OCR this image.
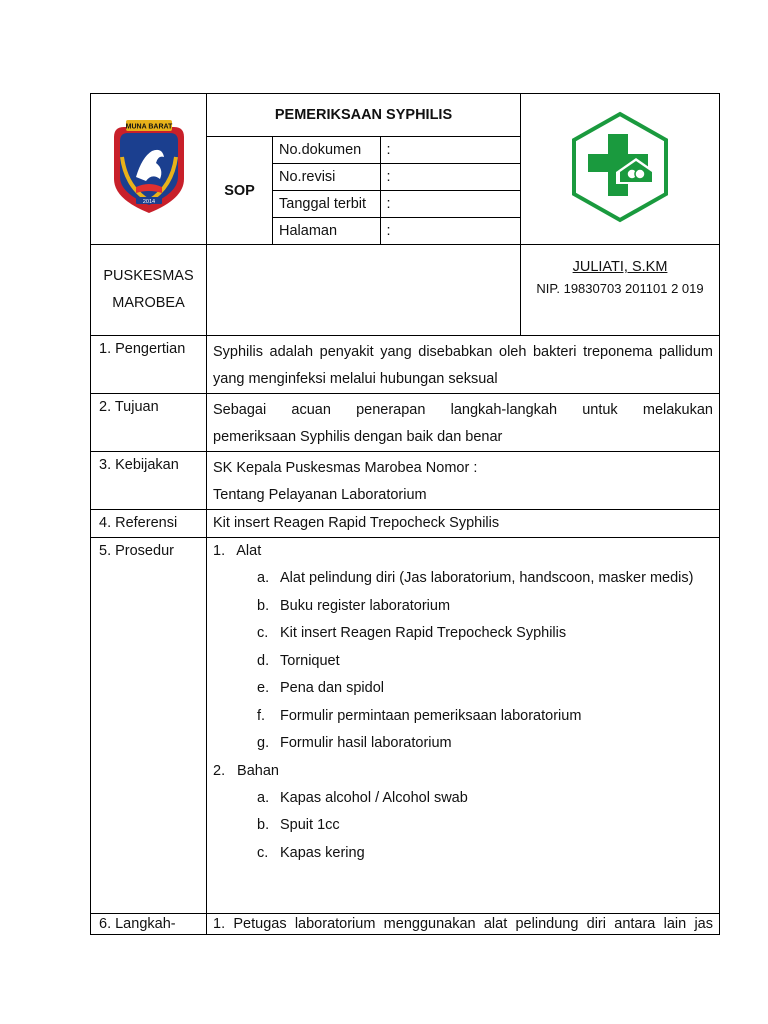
MUNA BARAT
2014
	PEMERIKSAAN SYPHILIS	
SOP	
No.dokumen	:
No.revisi	:
Tanggal terbit	:
Halaman	:

PUSKESMAS
MAROBEA

JULIATI, S.KM
NIP. 19830703 201101 2 019

1. Pengertian	Syphilis adalah penyakit yang disebabkan oleh bakteri treponema pallidum
yang menginfeksi melalui hubungan seksual

2. Tujuan	Sebagai acuan penerapan langkah-langkah untuk melakukan
pemeriksaan Syphilis dengan baik dan benar

3. Kebijakan	SK Kepala Puskesmas Marobea Nomor :
Tentang Pelayanan Laboratorium

4. Referensi	Kit insert Reagen Rapid Trepocheck Syphilis

5. Prosedur	1. Alat
a. Alat pelindung diri (Jas laboratorium, handscoon, masker medis)
b. Buku register laboratorium
c. Kit insert Reagen Rapid Trepocheck Syphilis
d. Torniquet
e. Pena dan spidol
f. Formulir permintaan pemeriksaan laboratorium
g. Formulir hasil laboratorium
2. Bahan
a. Kapas alcohol / Alcohol swab
b. Spuit 1cc
c. Kapas kering

6. Langkah-	1. Petugas laboratorium menggunakan alat pelindung diri antara lain jas
